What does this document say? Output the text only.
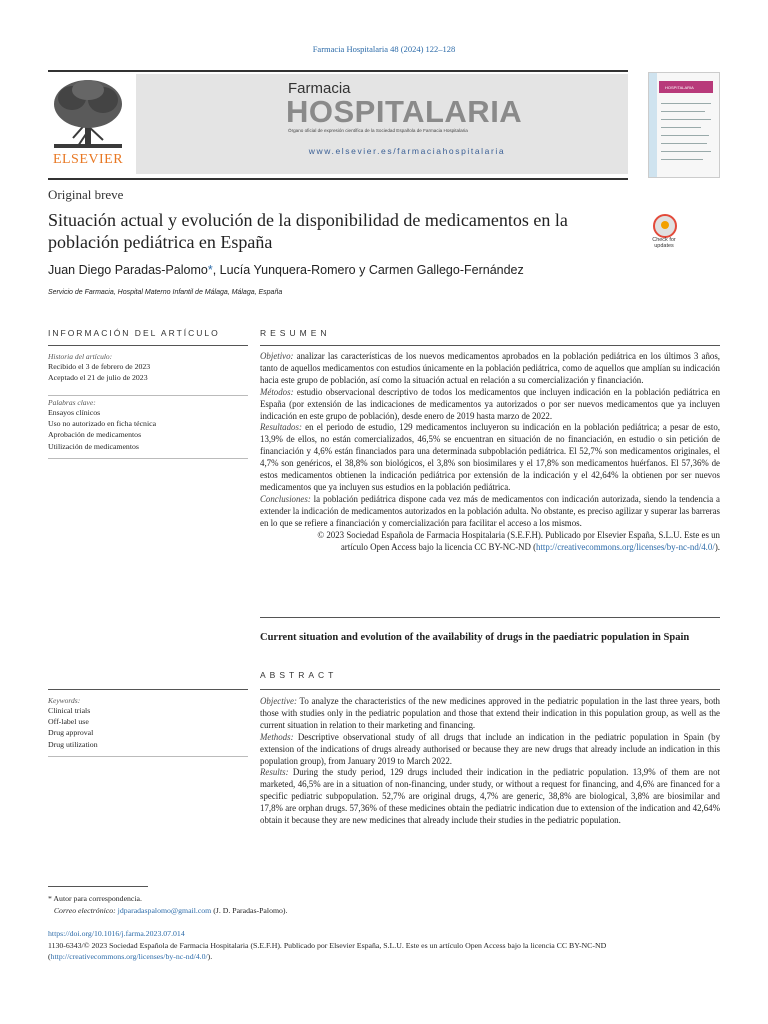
Farmacia Hospitalaria 48 (2024) 122–128
ELSEVIER
Farmacia
HOSPITALARIA
Órgano oficial de expresión científica de la Sociedad Española de Farmacia Hospitalaria
www.elsevier.es/farmaciahospitalaria
HOSPITALARIA
Original breve
Situación actual y evolución de la disponibilidad de medicamentos en la población pediátrica en España	Check for updates
Juan Diego Paradas-Palomo*, Lucía Yunquera-Romero y Carmen Gallego-Fernández
Servicio de Farmacia, Hospital Materno Infantil de Málaga, Málaga, España
INFORMACIÓN DEL ARTÍCULO	RESUMEN
Historia del artículo:
Recibido el 3 de febrero de 2023
Aceptado el 21 de julio de 2023
Palabras clave:
Ensayos clínicos
Uso no autorizado en ficha técnica
Aprobación de medicamentos
Utilización de medicamentos

Objetivo: analizar las características de los nuevos medicamentos aprobados en la población pediátrica en los últimos 3 años, tanto de aquellos medicamentos con estudios únicamente en la población pediátrica, como de aquellos que amplían su indicación hacia este grupo de población, así como la situación actual en relación a su comercialización y financiación.

Métodos: estudio observacional descriptivo de todos los medicamentos que incluyen indicación en la población pediátrica en España (por extensión de las indicaciones de medicamentos ya autorizados o por ser nuevos medicamentos que ya incluyen indicación en este grupo de población), desde enero de 2019 hasta marzo de 2022.

Resultados: en el periodo de estudio, 129 medicamentos incluyeron su indicación en la población pediátrica; a pesar de esto, 13,9% de ellos, no están comercializados, 46,5% se encuentran en situación de no financiación, en estudio o sin petición de financiación y 4,6% están financiados para una determinada subpoblación pediátrica. El 52,7% son medicamentos originales, el 4,7% son genéricos, el 38,8% son biológicos, el 3,8% son biosimilares y el 17,8% son medicamentos huérfanos. El 57,36% de estos medicamentos obtienen la indicación pediátrica por extensión de la indicación y el 42,64% la obtienen por ser nuevos medicamentos que ya incluyen sus estudios en la población pediátrica.

Conclusiones: la población pediátrica dispone cada vez más de medicamentos con indicación autorizada, siendo la tendencia a extender la indicación de medicamentos autorizados en la población adulta. No obstante, es preciso agilizar y superar las barreras en lo que se refiere a financiación y comercialización para facilitar el acceso a los mismos.

© 2023 Sociedad Española de Farmacia Hospitalaria (S.E.F.H). Publicado por Elsevier España, S.L.U. Este es un
artículo Open Access bajo la licencia CC BY-NC-ND (http://creativecommons.org/licenses/by-nc-nd/4.0/).

Current situation and evolution of the availability of drugs in the paediatric population in Spain
ABSTRACT
Keywords:
Clinical trials
Off-label use
Drug approval
Drug utilization

Objective: To analyze the characteristics of the new medicines approved in the pediatric population in the last three years, both those with studies only in the pediatric population and those that extend their indication in this population group, as well as the current situation in relation to their marketing and financing.

Methods: Descriptive observational study of all drugs that include an indication in the pediatric population in Spain (by extension of the indications of drugs already authorised or because they are new drugs that already include an indication in this population group), from January 2019 to March 2022.

Results: During the study period, 129 drugs included their indication in the pediatric population. 13,9% of them are not marketed, 46,5% are in a situation of non-financing, under study, or without a request for financing, and 4,6% are financed for a specific pediatric subpopulation. 52,7% are original drugs, 4,7% are generic, 38,8% are biological, 3,8% are biosimilar and 17,8% are orphan drugs. 57,36% of these medicines obtain the pediatric indication due to extension of the indication and 42,64% obtain it because they are new medicines that already include their studies in the pediatric population.

* Autor para correspondencia.
Correo electrónico: jdparadaspalomo@gmail.com (J. D. Paradas-Palomo).
https://doi.org/10.1016/j.farma.2023.07.014
1130-6343/© 2023 Sociedad Española de Farmacia Hospitalaria (S.E.F.H). Publicado por Elsevier España, S.L.U. Este es un artículo Open Access bajo la licencia CC BY-NC-ND (http://creativecommons.org/licenses/by-nc-nd/4.0/).
